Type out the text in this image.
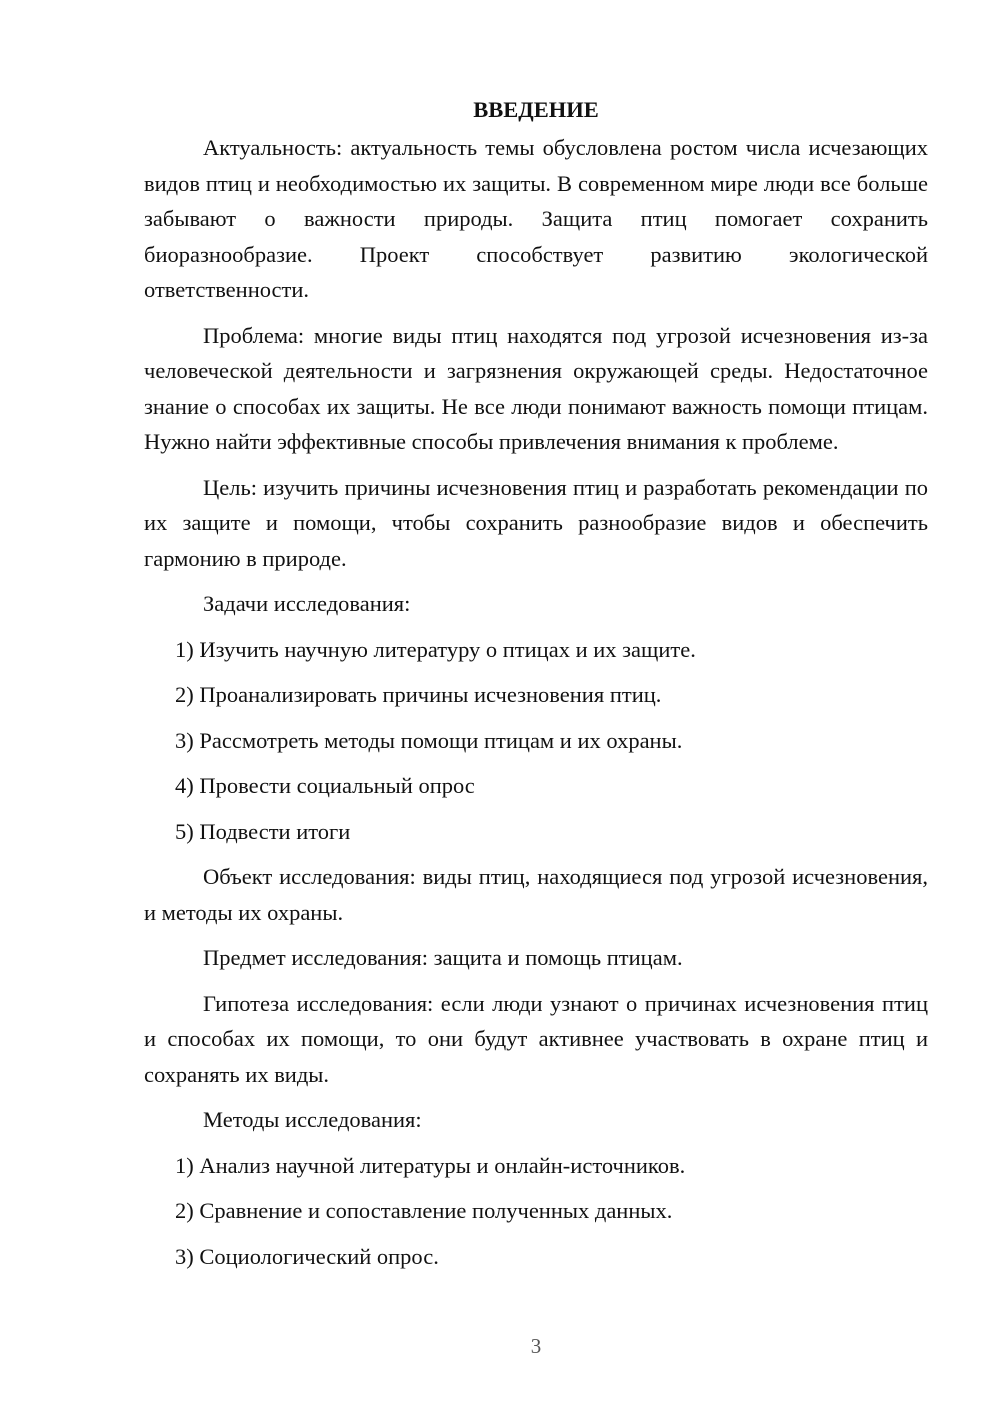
ВВЕДЕНИЕ
Актуальность: актуальность темы обусловлена ростом числа исчезающих видов птиц и необходимостью их защиты. В современном мире люди все больше забывают о важности природы. Защита птиц помогает сохранить биоразнообразие. Проект способствует развитию экологической ответственности.
Проблема: многие виды птиц находятся под угрозой исчезновения из-за человеческой деятельности и загрязнения окружающей среды. Недостаточное знание о способах их защиты. Не все люди понимают важность помощи птицам. Нужно найти эффективные способы привлечения внимания к проблеме.
Цель: изучить причины исчезновения птиц и разработать рекомендации по их защите и помощи, чтобы сохранить разнообразие видов и обеспечить гармонию в природе.
Задачи исследования:
1) Изучить научную литературу о птицах и их защите.
2) Проанализировать причины исчезновения птиц.
3) Рассмотреть методы помощи птицам и их охраны.
4) Провести социальный опрос
5) Подвести итоги
Объект исследования: виды птиц, находящиеся под угрозой исчезновения, и методы их охраны.
Предмет исследования: защита и помощь птицам.
Гипотеза исследования: если люди узнают о причинах исчезновения птиц и способах их помощи, то они будут активнее участвовать в охране птиц и сохранять их виды.
Методы исследования:
1) Анализ научной литературы и онлайн-источников.
2) Сравнение и сопоставление полученных данных.
3) Социологический опрос.
3
